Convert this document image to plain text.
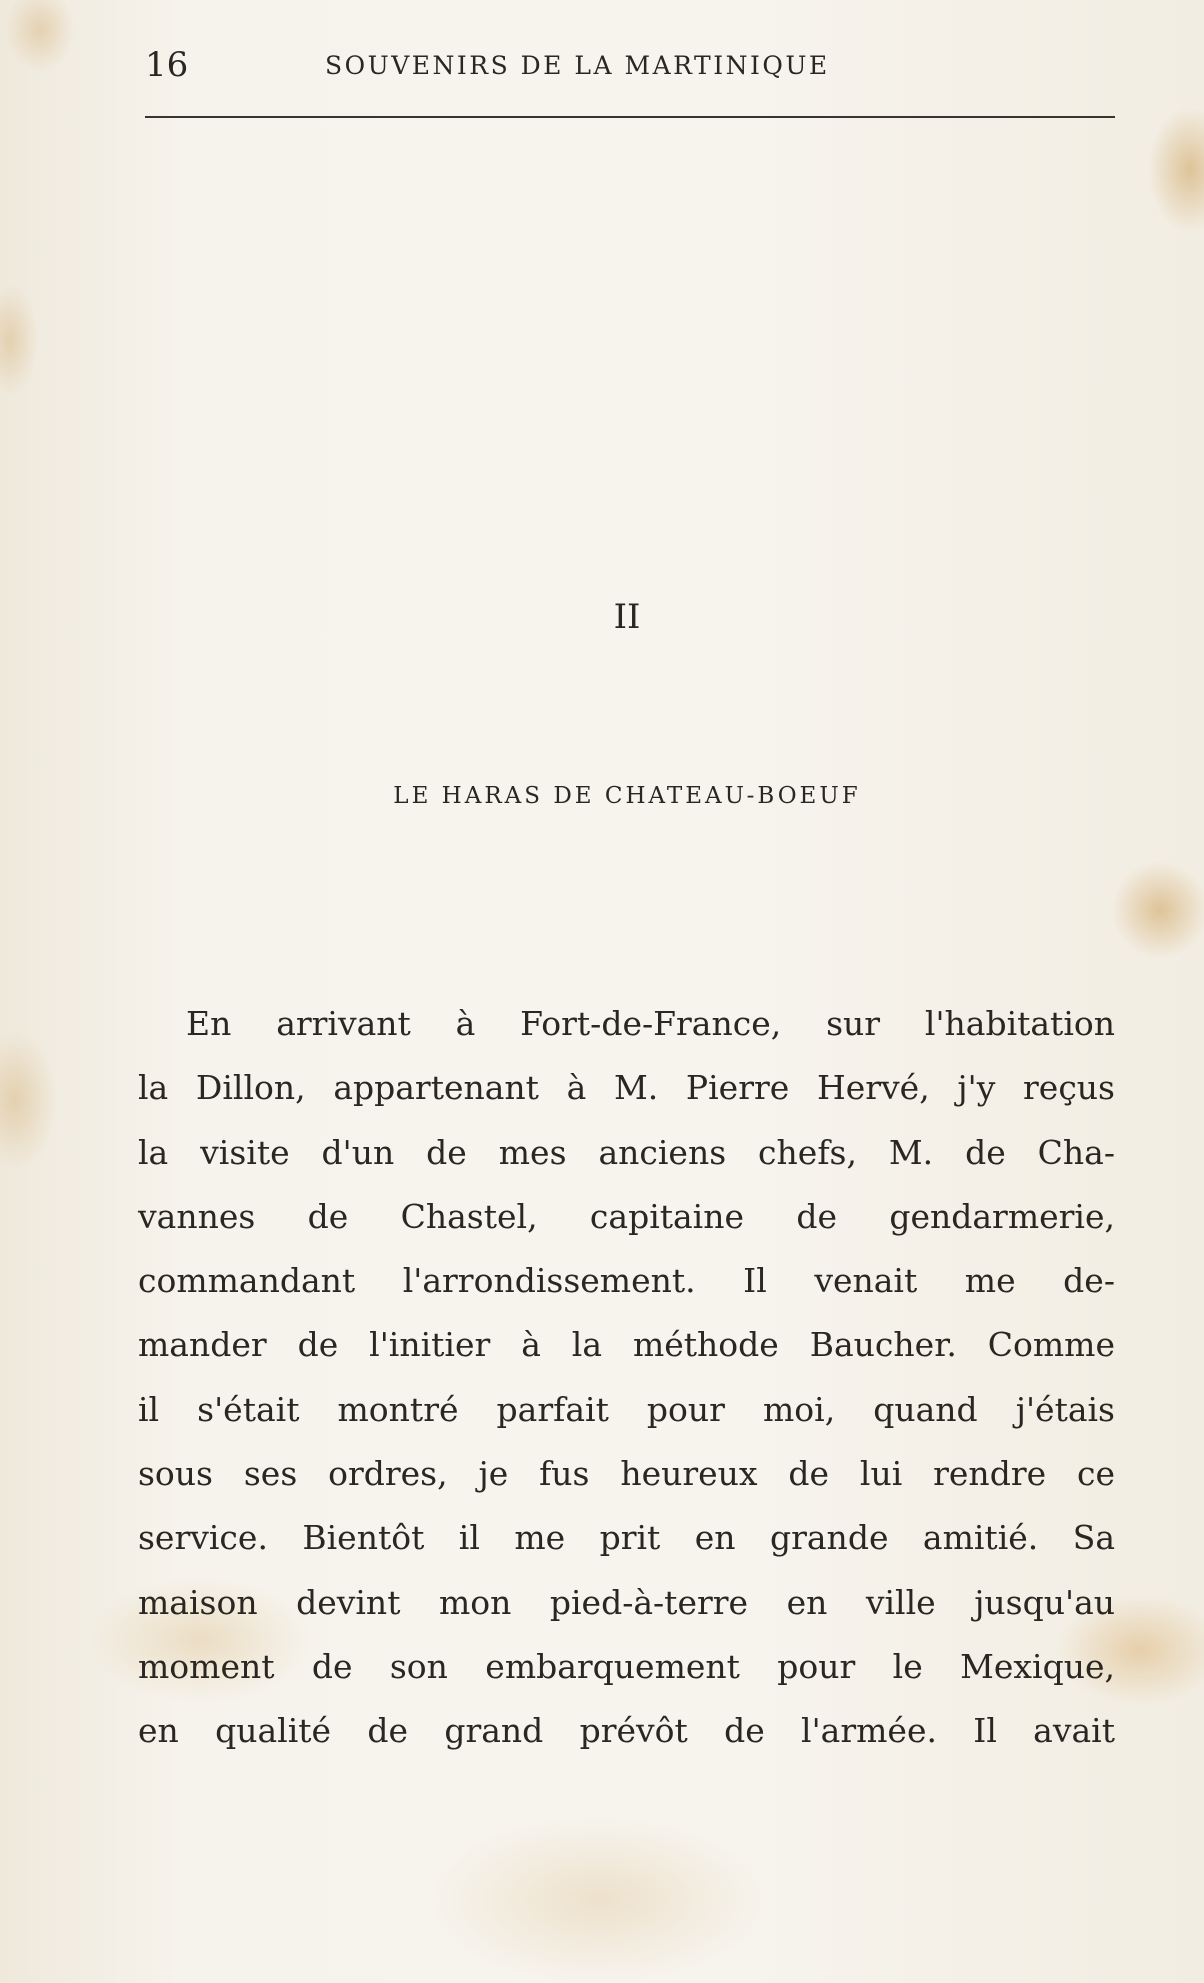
16	SOUVENIRS DE LA MARTINIQUE
II
LE HARAS DE CHATEAU-BOEUF
En arrivant à Fort-de-France, sur l'habitation
la Dillon, appartenant à M. Pierre Hervé, j'y reçus
la visite d'un de mes anciens chefs, M. de Cha-
vannes de Chastel, capitaine de gendarmerie,
commandant l'arrondissement. Il venait me de-
mander de l'initier à la méthode Baucher. Comme
il s'était montré parfait pour moi, quand j'étais
sous ses ordres, je fus heureux de lui rendre ce
service. Bientôt il me prit en grande amitié. Sa
maison devint mon pied-à-terre en ville jusqu'au
moment de son embarquement pour le Mexique,
en qualité de grand prévôt de l'armée. Il avait
